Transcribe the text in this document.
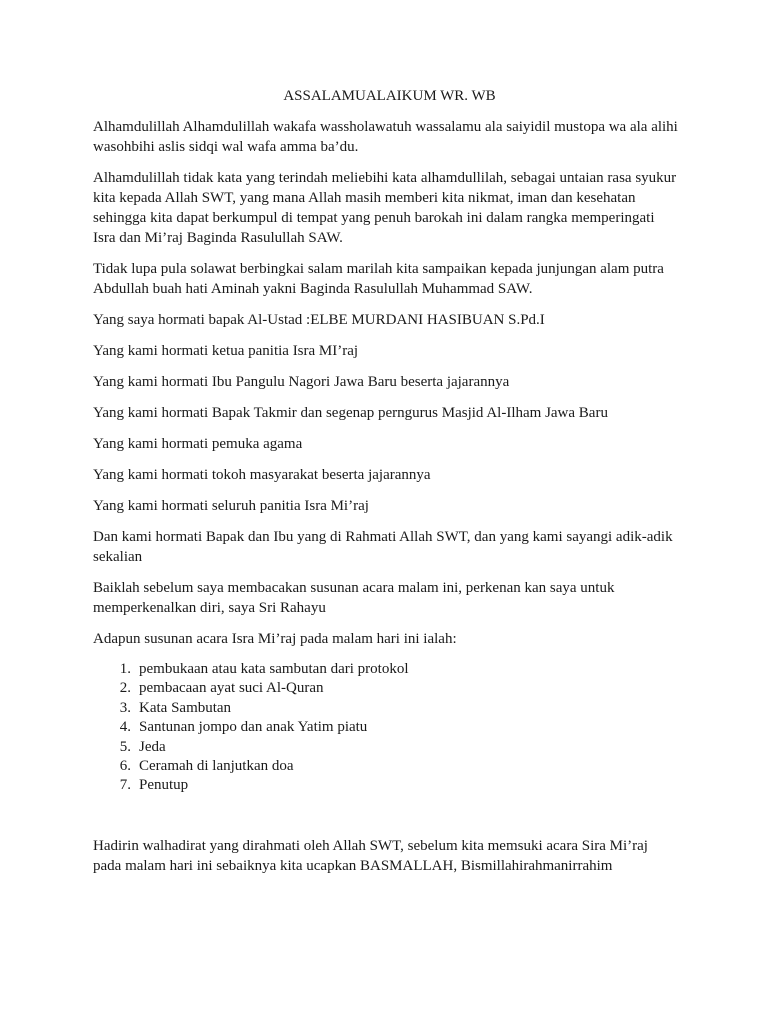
ASSALAMUALAIKUM WR. WB

Alhamdulillah Alhamdulillah wakafa wassholawatuh wassalamu ala saiyidil mustopa wa ala alihi wasohbihi aslis sidqi wal wafa amma ba’du.

Alhamdulillah tidak kata yang terindah meliebihi kata alhamdullilah, sebagai untaian rasa syukur kita kepada Allah SWT, yang mana Allah masih memberi kita nikmat, iman dan kesehatan sehingga kita dapat berkumpul di tempat yang penuh barokah ini dalam rangka memperingati Isra dan Mi’raj Baginda Rasulullah SAW.

Tidak lupa pula solawat berbingkai salam marilah kita sampaikan kepada junjungan alam putra Abdullah buah hati Aminah yakni Baginda Rasulullah Muhammad SAW.

Yang saya hormati bapak Al-Ustad :ELBE MURDANI HASIBUAN S.Pd.I

Yang kami hormati ketua panitia Isra MI’raj

Yang kami hormati Ibu Pangulu Nagori Jawa Baru beserta jajarannya

Yang kami hormati Bapak Takmir dan segenap perngurus Masjid Al-Ilham Jawa Baru

Yang kami hormati pemuka agama

Yang kami hormati tokoh masyarakat beserta jajarannya

Yang kami hormati seluruh panitia Isra Mi’raj

Dan kami hormati Bapak dan Ibu yang di Rahmati Allah SWT, dan yang kami sayangi adik-adik sekalian

Baiklah sebelum saya membacakan susunan acara malam ini, perkenan kan saya untuk memperkenalkan diri, saya Sri Rahayu

Adapun susunan acara Isra Mi’raj pada malam hari ini ialah:

1. pembukaan atau kata sambutan dari protokol
2. pembacaan ayat suci Al-Quran
3. Kata Sambutan
4. Santunan jompo dan anak Yatim piatu
5. Jeda
6. Ceramah di lanjutkan doa
7. Penutup

Hadirin walhadirat yang dirahmati oleh Allah SWT, sebelum kita memsuki acara Sira Mi’raj pada malam hari ini sebaiknya kita ucapkan BASMALLAH, Bismillahirahmanirrahim
